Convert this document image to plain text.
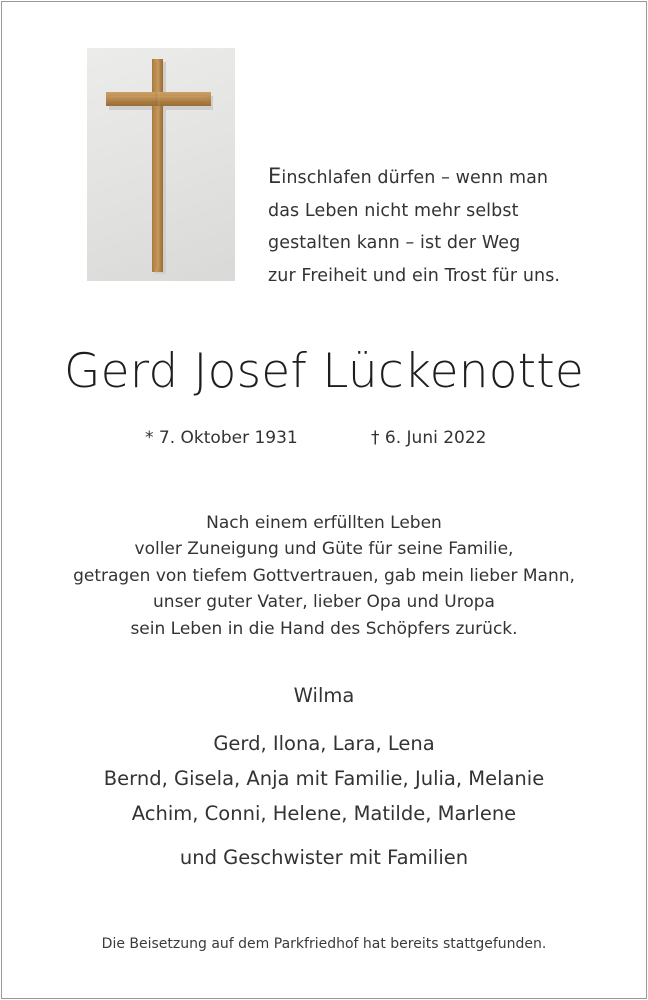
Einschlafen dürfen – wenn man
das Leben nicht mehr selbst
gestalten kann – ist der Weg
zur Freiheit und ein Trost für uns.
Gerd Josef Lückenotte
* 7. Oktober 1931	† 6. Juni 2022
Nach einem erfüllten Leben
voller Zuneigung und Güte für seine Familie,
getragen von tiefem Gottvertrauen, gab mein lieber Mann,
unser guter Vater, lieber Opa und Uropa
sein Leben in die Hand des Schöpfers zurück.
Wilma
Gerd, Ilona, Lara, Lena
Bernd, Gisela, Anja mit Familie, Julia, Melanie
Achim, Conni, Helene, Matilde, Marlene
und Geschwister mit Familien
Die Beisetzung auf dem Parkfriedhof hat bereits stattgefunden.
